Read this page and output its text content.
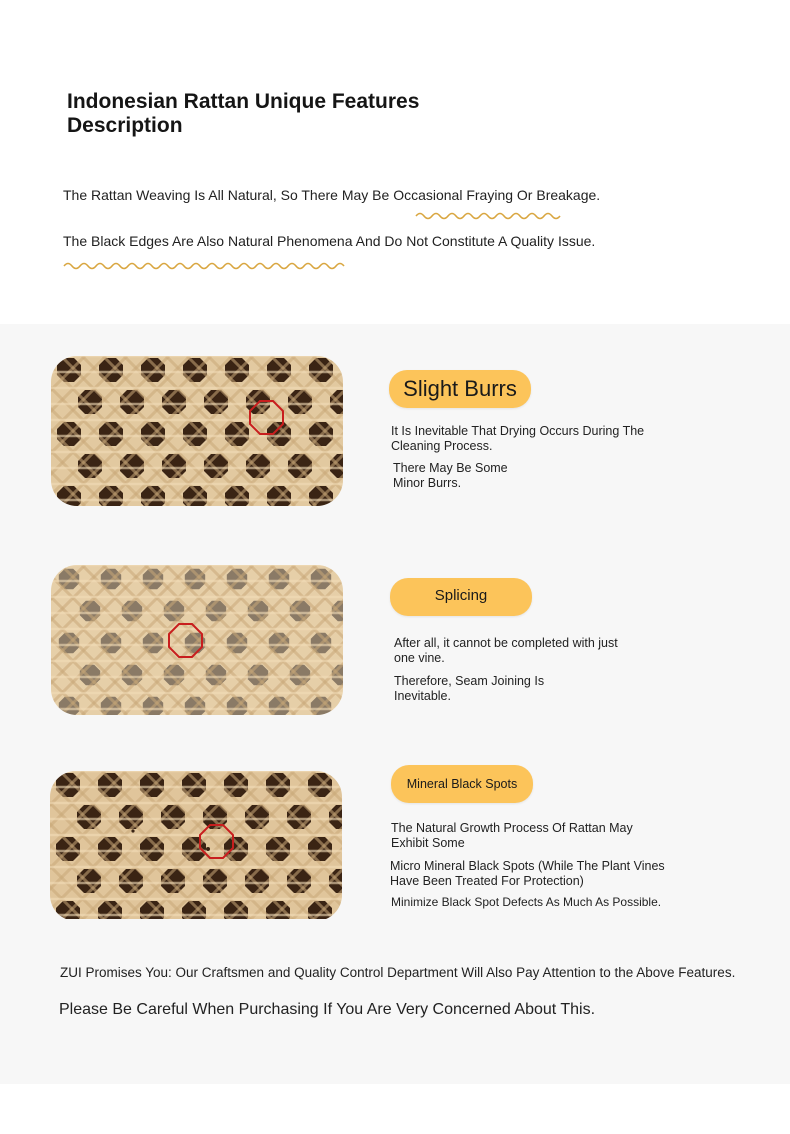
Indonesian Rattan Unique Features Description
The Rattan Weaving Is All Natural, So There May Be Occasional Fraying Or Breakage.
The Black Edges Are Also Natural Phenomena And Do Not Constitute A Quality Issue.
Slight Burrs
It Is Inevitable That Drying Occurs During The Cleaning Process.
There May Be Some Minor Burrs.
Splicing
After all, it cannot be completed with just one vine.
Therefore, Seam Joining Is Inevitable.
Mineral Black Spots
The Natural Growth Process Of Rattan May Exhibit Some
Micro Mineral Black Spots (While The Plant Vines Have Been Treated For Protection)
Minimize Black Spot Defects As Much As Possible.
ZUI Promises You: Our Craftsmen and Quality Control Department Will Also Pay Attention to the Above Features.
Please Be Careful When Purchasing If You Are Very Concerned About This.
